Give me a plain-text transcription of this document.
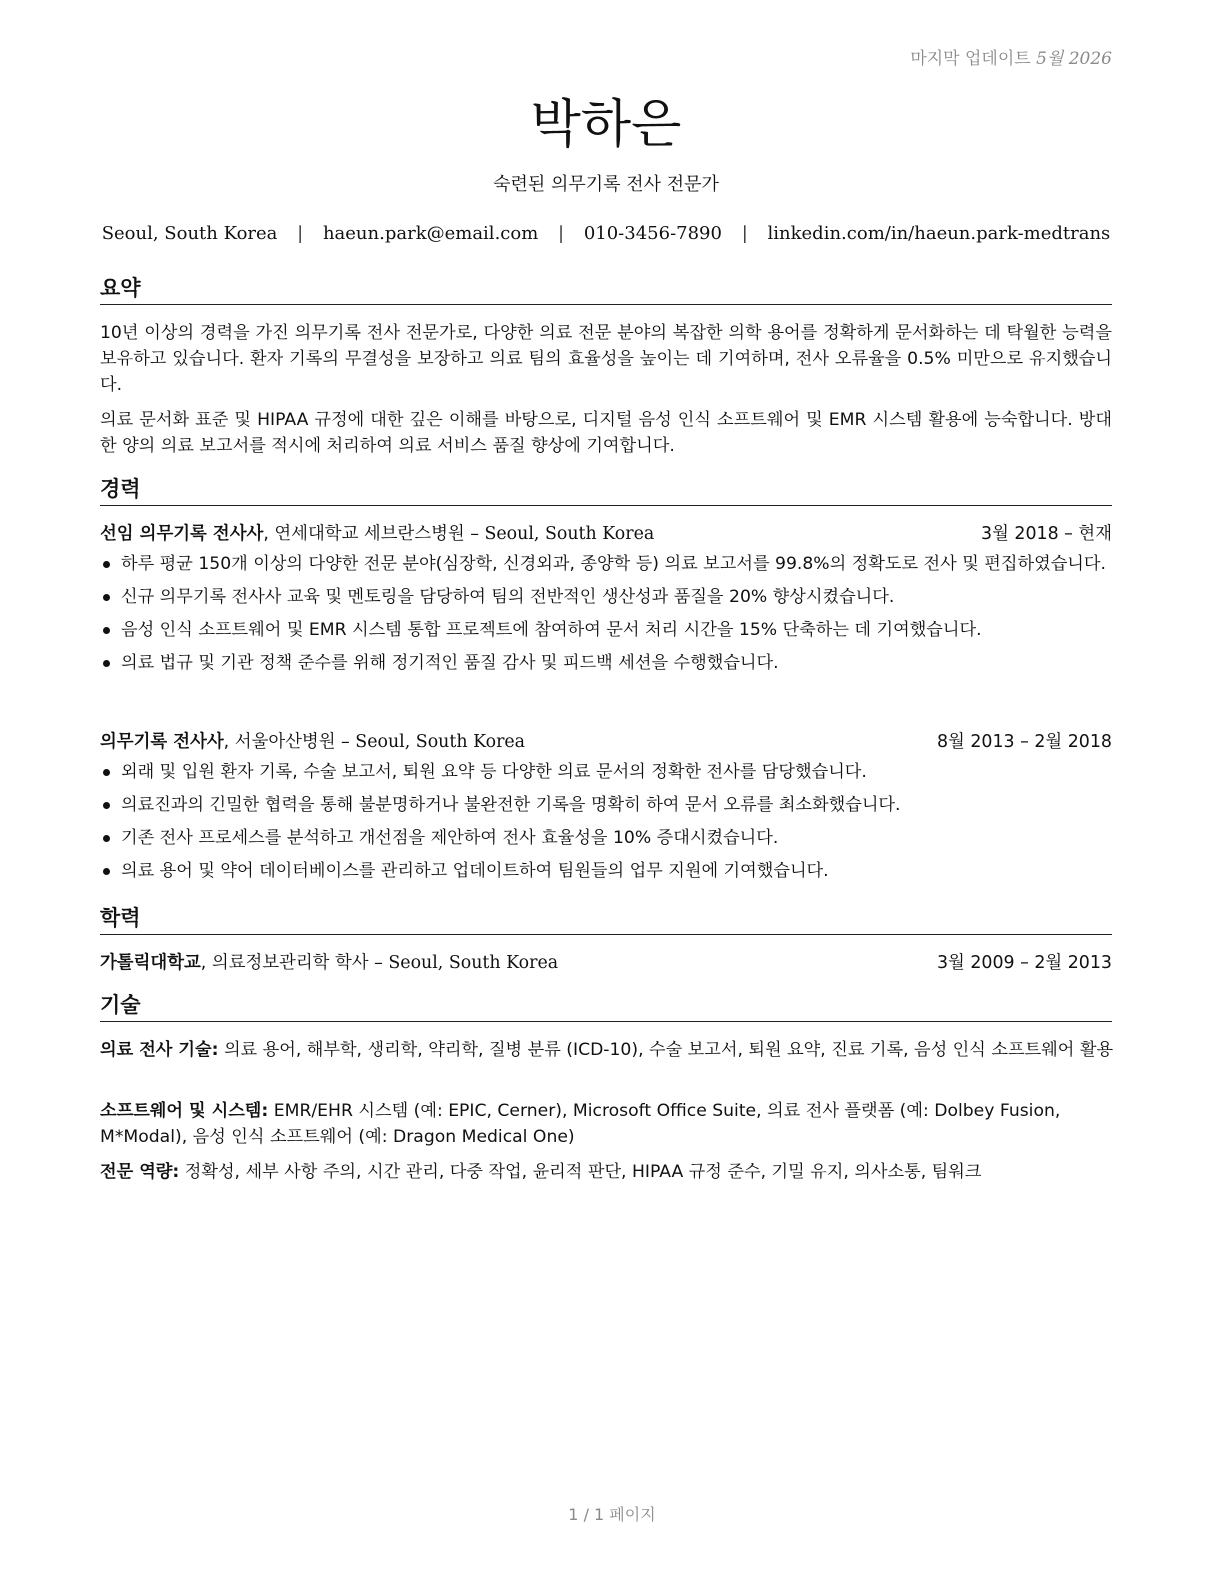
마지막 업데이트 5월 2026
박하은
숙련된 의무기록 전사 전문가
Seoul, South Korea | haeun.park@email.com | 010-3456-7890 | linkedin.com/in/haeun.park-medtrans
요약
10년 이상의 경력을 가진 의무기록 전사 전문가로, 다양한 의료 전문 분야의 복잡한 의학 용어를 정확하게 문서화하는 데 탁월한 능력을 보유하고 있습니다. 환자 기록의 무결성을 보장하고 의료 팀의 효율성을 높이는 데 기여하며, 전사 오류율을 0.5% 미만으로 유지했습니다.
의료 문서화 표준 및 HIPAA 규정에 대한 깊은 이해를 바탕으로, 디지털 음성 인식 소프트웨어 및 EMR 시스템 활용에 능숙합니다. 방대한 양의 의료 보고서를 적시에 처리하여 의료 서비스 품질 향상에 기여합니다.
경력
선임 의무기록 전사사, 연세대학교 세브란스병원 – Seoul, South Korea	3월 2018 – 현재
하루 평균 150개 이상의 다양한 전문 분야(심장학, 신경외과, 종양학 등) 의료 보고서를 99.8%의 정확도로 전사 및 편집하였습니다.
신규 의무기록 전사사 교육 및 멘토링을 담당하여 팀의 전반적인 생산성과 품질을 20% 향상시켰습니다.
음성 인식 소프트웨어 및 EMR 시스템 통합 프로젝트에 참여하여 문서 처리 시간을 15% 단축하는 데 기여했습니다.
의료 법규 및 기관 정책 준수를 위해 정기적인 품질 감사 및 피드백 세션을 수행했습니다.
의무기록 전사사, 서울아산병원 – Seoul, South Korea	8월 2013 – 2월 2018
외래 및 입원 환자 기록, 수술 보고서, 퇴원 요약 등 다양한 의료 문서의 정확한 전사를 담당했습니다.
의료진과의 긴밀한 협력을 통해 불분명하거나 불완전한 기록을 명확히 하여 문서 오류를 최소화했습니다.
기존 전사 프로세스를 분석하고 개선점을 제안하여 전사 효율성을 10% 증대시켰습니다.
의료 용어 및 약어 데이터베이스를 관리하고 업데이트하여 팀원들의 업무 지원에 기여했습니다.
학력
가톨릭대학교, 의료정보관리학 학사 – Seoul, South Korea	3월 2009 – 2월 2013
기술
의료 전사 기술: 의료 용어, 해부학, 생리학, 약리학, 질병 분류 (ICD-10), 수술 보고서, 퇴원 요약, 진료 기록, 음성 인식 소프트웨어 활용
소프트웨어 및 시스템: EMR/EHR 시스템 (예: EPIC, Cerner), Microsoft Office Suite, 의료 전사 플랫폼 (예: Dolbey Fusion, M*Modal), 음성 인식 소프트웨어 (예: Dragon Medical One)
전문 역량: 정확성, 세부 사항 주의, 시간 관리, 다중 작업, 윤리적 판단, HIPAA 규정 준수, 기밀 유지, 의사소통, 팀워크
1 / 1 페이지
